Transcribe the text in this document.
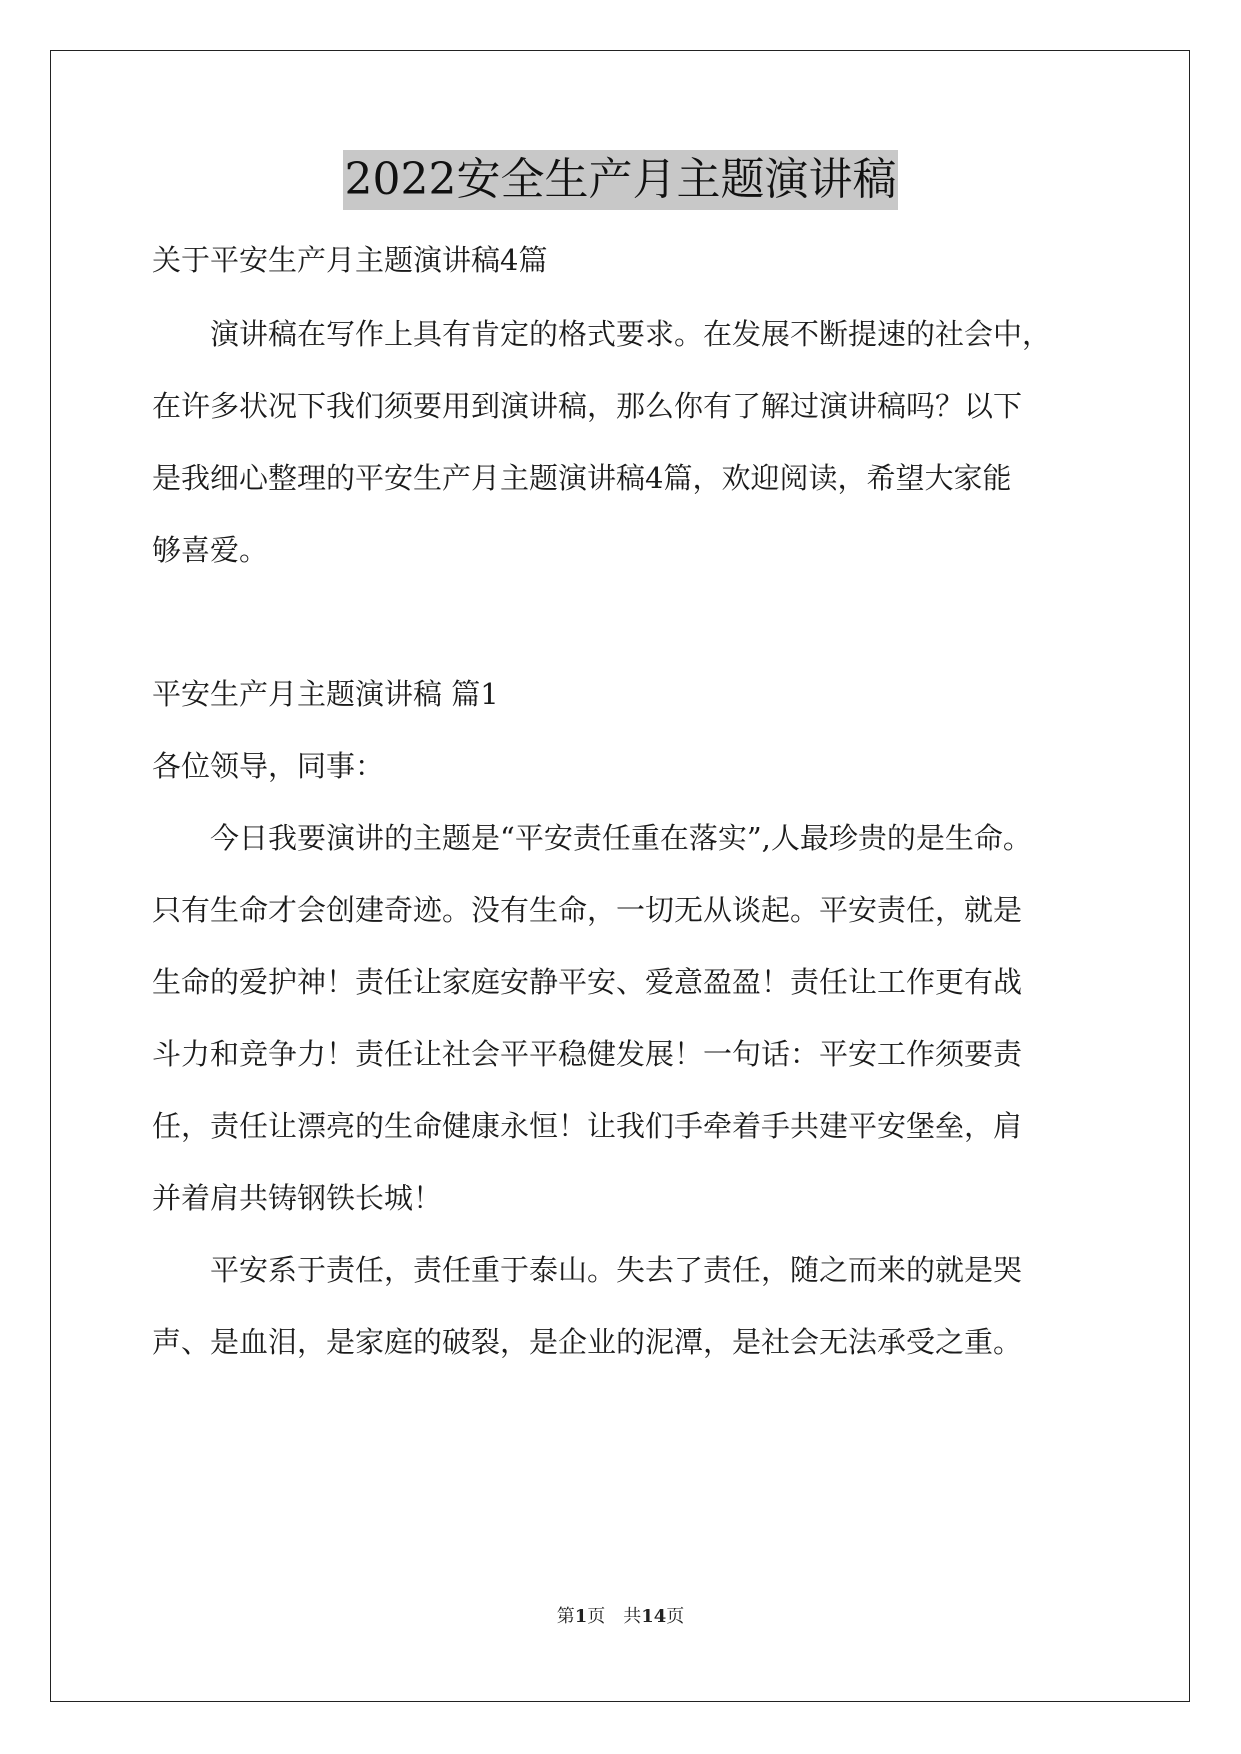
2022安全生产月主题演讲稿
关于平安生产月主题演讲稿4篇
　　演讲稿在写作上具有肯定的格式要求。在发展不断提速的社会中，
在许多状况下我们须要用到演讲稿，那么你有了解过演讲稿吗？以下
是我细心整理的平安生产月主题演讲稿4篇，欢迎阅读，希望大家能
够喜爱。
平安生产月主题演讲稿 篇1
各位领导，同事：
　　今日我要演讲的主题是“平安责任重在落实”,人最珍贵的是生命。
只有生命才会创建奇迹。没有生命，一切无从谈起。平安责任，就是
生命的爱护神！责任让家庭安静平安、爱意盈盈！责任让工作更有战
斗力和竞争力！责任让社会平平稳健发展！一句话：平安工作须要责
任，责任让漂亮的生命健康永恒！让我们手牵着手共建平安堡垒，肩
并着肩共铸钢铁长城！
　　平安系于责任，责任重于泰山。失去了责任，随之而来的就是哭
声、是血泪，是家庭的破裂，是企业的泥潭，是社会无法承受之重。
第1页　共14页
